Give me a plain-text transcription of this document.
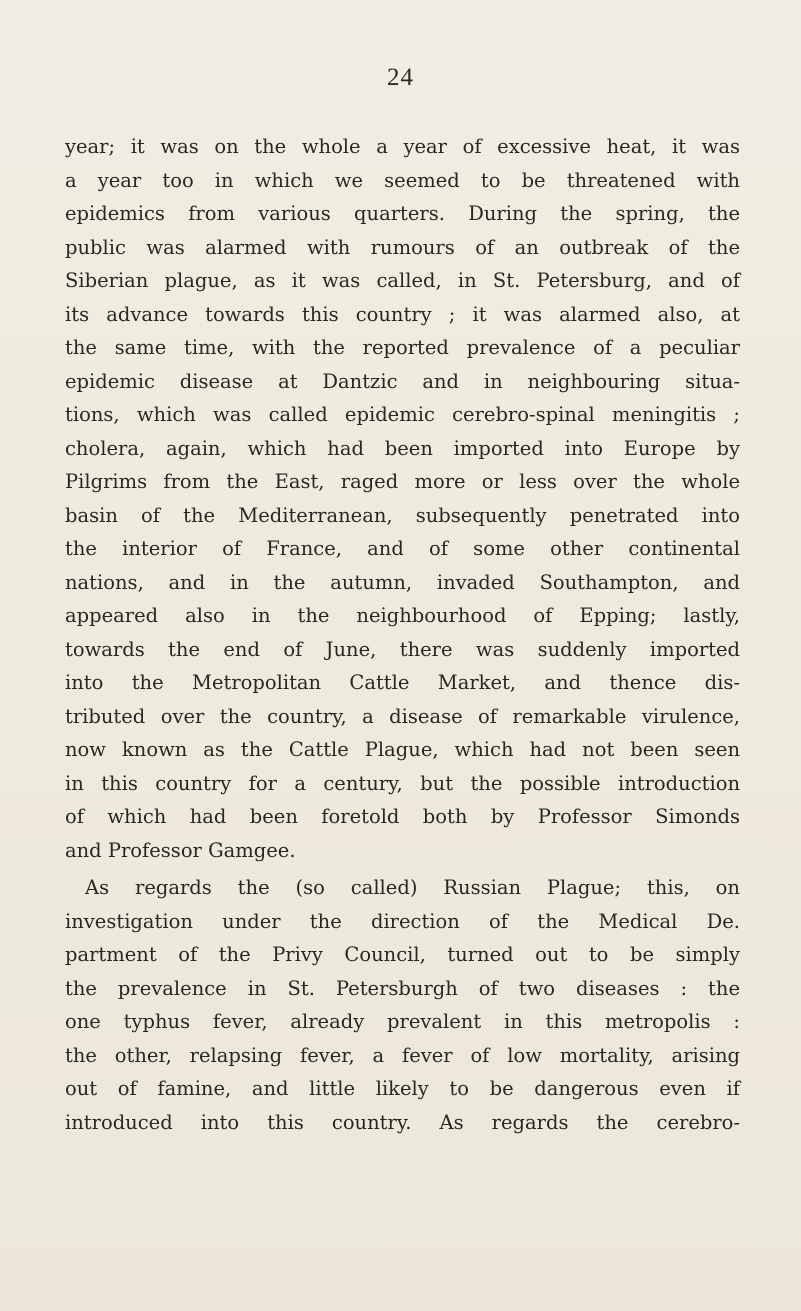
24
year; it was on the whole a year of excessive heat, it was
a year too in which we seemed to be threatened with
epidemics from various quarters. During the spring, the
public was alarmed with rumours of an outbreak of the
Siberian plague, as it was called, in St. Petersburg, and of
its advance towards this country ; it was alarmed also, at
the same time, with the reported prevalence of a peculiar
epidemic disease at Dantzic and in neighbouring situa-
tions, which was called epidemic cerebro-spinal meningitis ;
cholera, again, which had been imported into Europe by
Pilgrims from the East, raged more or less over the whole
basin of the Mediterranean, subsequently penetrated into
the interior of France, and of some other continental
nations, and in the autumn, invaded Southampton, and
appeared also in the neighbourhood of Epping; lastly,
towards the end of June, there was suddenly imported
into the Metropolitan Cattle Market, and thence dis-
tributed over the country, a disease of remarkable virulence,
now known as the Cattle Plague, which had not been seen
in this country for a century, but the possible introduction
of which had been foretold both by Professor Simonds
and Professor Gamgee.
As regards the (so called) Russian Plague; this, on
investigation under the direction of the Medical De.
partment of the Privy Council, turned out to be simply
the prevalence in St. Petersburgh of two diseases : the
one typhus fever, already prevalent in this metropolis :
the other, relapsing fever, a fever of low mortality, arising
out of famine, and little likely to be dangerous even if
introduced into this country. As regards the cerebro-
